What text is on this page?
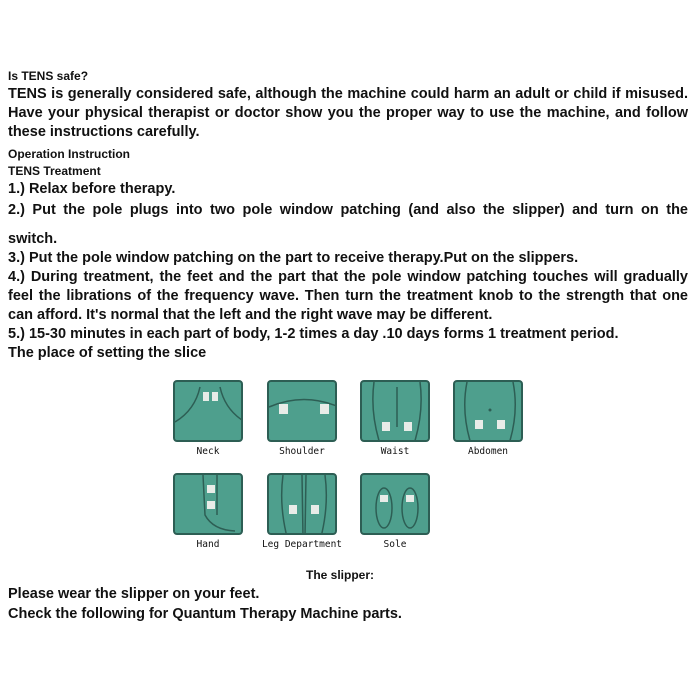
Is TENS safe?
TENS is generally considered safe, although the machine could harm an adult or child if misused. Have your physical therapist or doctor show you the proper way to use the machine, and follow these instructions carefully.
Operation Instruction
TENS Treatment
1.) Relax before therapy.
2.) Put the pole plugs into two pole window patching (and also the slipper) and turn on the
switch.
3.) Put the pole window patching on the part to receive therapy.Put on the slippers.
4.) During treatment, the feet and the part that the pole window patching touches will gradually feel the librations of the frequency wave. Then turn the treatment knob to the strength that one can afford. It's normal that the left and the right wave may be different.
5.) 15-30 minutes in each part of body, 1-2 times a day .10 days forms 1 treatment period.
The place of setting the slice
Neck	Shoulder	Waist	Abdomen
Hand	Leg Department	Sole
The slipper:
Please wear the slipper on your feet.
Check the following for Quantum Therapy Machine parts.
